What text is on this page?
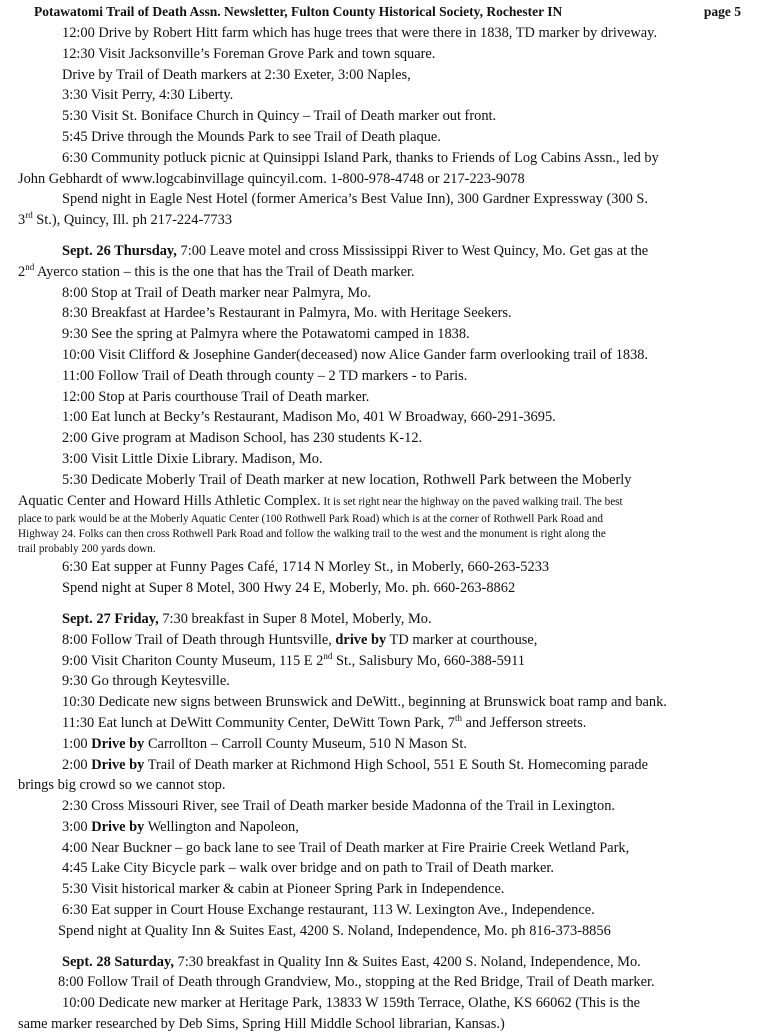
Potawatomi Trail of Death Assn. Newsletter, Fulton County Historical Society, Rochester IN	page 5
12:00 Drive by Robert Hitt farm which has huge trees that were there in 1838, TD marker by driveway.
12:30 Visit Jacksonville’s Foreman Grove Park and town square.
Drive by Trail of Death markers at 2:30 Exeter, 3:00 Naples,
3:30 Visit Perry, 4:30 Liberty.
5:30 Visit St. Boniface Church in Quincy – Trail of Death marker out front.
5:45 Drive through the Mounds Park to see Trail of Death plaque.
6:30 Community potluck picnic at Quinsippi Island Park, thanks to Friends of Log Cabins Assn., led by
John Gebhardt of www.logcabinvillage quincyil.com. 1-800-978-4748 or 217-223-9078
Spend night in Eagle Nest Hotel (former America’s Best Value Inn), 300 Gardner Expressway (300 S.
3rd St.), Quincy, Ill. ph 217-224-7733
Sept. 26 Thursday, 7:00 Leave motel and cross Mississippi River to West Quincy, Mo. Get gas at the
2nd Ayerco station – this is the one that has the Trail of Death marker.
8:00 Stop at Trail of Death marker near Palmyra, Mo.
8:30 Breakfast at Hardee’s Restaurant in Palmyra, Mo. with Heritage Seekers.
9:30 See the spring at Palmyra where the Potawatomi camped in 1838.
10:00 Visit Clifford & Josephine Gander(deceased) now Alice Gander farm overlooking trail of 1838.
11:00 Follow Trail of Death through county – 2 TD markers - to Paris.
12:00 Stop at Paris courthouse Trail of Death marker.
1:00 Eat lunch at Becky’s Restaurant, Madison Mo, 401 W Broadway, 660-291-3695.
2:00 Give program at Madison School, has 230 students K-12.
3:00 Visit Little Dixie Library. Madison, Mo.
5:30 Dedicate Moberly Trail of Death marker at new location, Rothwell Park between the Moberly
Aquatic Center and Howard Hills Athletic Complex. It is set right near the highway on the paved walking trail. The best
place to park would be at the Moberly Aquatic Center (100 Rothwell Park Road) which is at the corner of Rothwell Park Road and
Highway 24. Folks can then cross Rothwell Park Road and follow the walking trail to the west and the monument is right along the
trail probably 200 yards down.
6:30 Eat supper at Funny Pages Café, 1714 N Morley St., in Moberly, 660-263-5233
Spend night at Super 8 Motel, 300 Hwy 24 E, Moberly, Mo. ph. 660-263-8862
Sept. 27 Friday, 7:30 breakfast in Super 8 Motel, Moberly, Mo.
8:00 Follow Trail of Death through Huntsville, drive by TD marker at courthouse,
9:00 Visit Chariton County Museum, 115 E 2nd St., Salisbury Mo, 660-388-5911
9:30 Go through Keytesville.
10:30 Dedicate new signs between Brunswick and DeWitt., beginning at Brunswick boat ramp and bank.
11:30 Eat lunch at DeWitt Community Center, DeWitt Town Park, 7th and Jefferson streets.
1:00 Drive by Carrollton – Carroll County Museum, 510 N Mason St.
2:00 Drive by Trail of Death marker at Richmond High School, 551 E South St. Homecoming parade
brings big crowd so we cannot stop.
2:30 Cross Missouri River, see Trail of Death marker beside Madonna of the Trail in Lexington.
3:00 Drive by Wellington and Napoleon,
4:00 Near Buckner – go back lane to see Trail of Death marker at Fire Prairie Creek Wetland Park,
4:45 Lake City Bicycle park – walk over bridge and on path to Trail of Death marker.
5:30 Visit historical marker & cabin at Pioneer Spring Park in Independence.
6:30 Eat supper in Court House Exchange restaurant, 113 W. Lexington Ave., Independence.
Spend night at Quality Inn & Suites East, 4200 S. Noland, Independence, Mo. ph 816-373-8856
Sept. 28 Saturday, 7:30 breakfast in Quality Inn & Suites East, 4200 S. Noland, Independence, Mo.
8:00 Follow Trail of Death through Grandview, Mo., stopping at the Red Bridge, Trail of Death marker.
10:00 Dedicate new marker at Heritage Park, 13833 W 159th Terrace, Olathe, KS 66062 (This is the
same marker researched by Deb Sims, Spring Hill Middle School librarian, Kansas.)
